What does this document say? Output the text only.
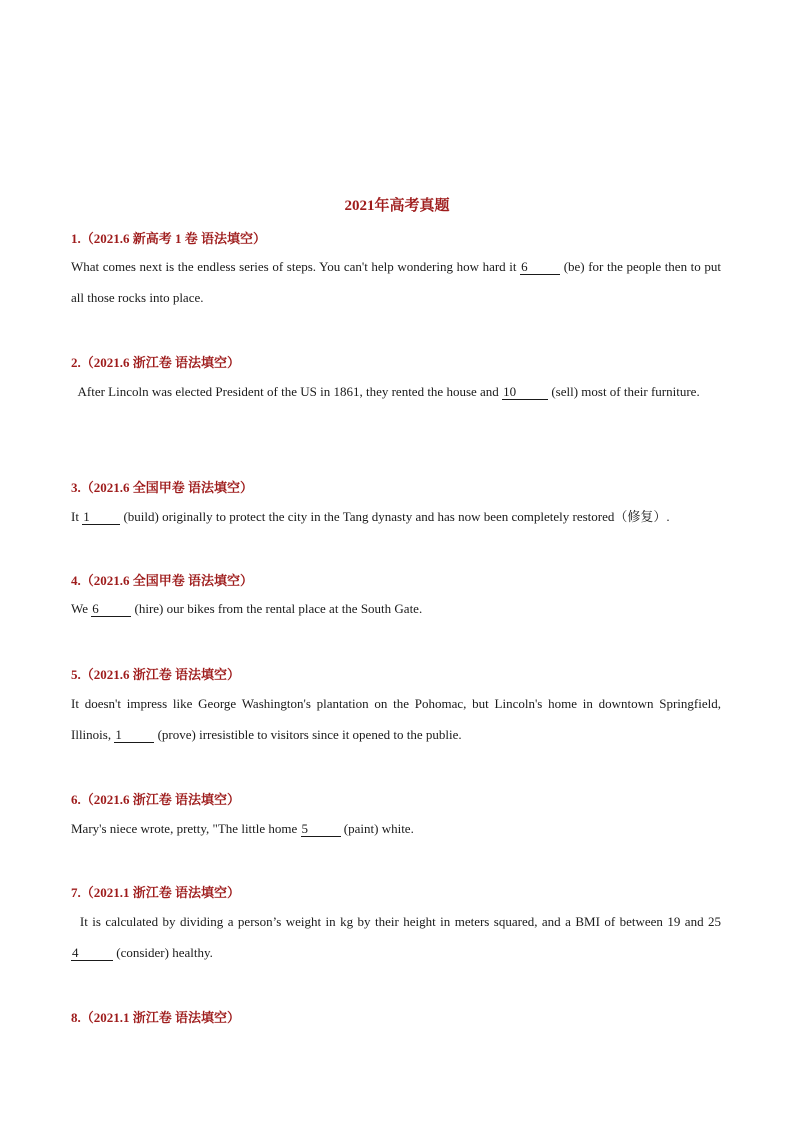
2021年高考真题
1.（2021.6 新高考 1 卷 语法填空）

What comes next is the endless series of steps. You can't help wondering how hard it 6	(be) for the people then to put all those rocks into place.

2.（2021.6 浙江卷 语法填空）

After Lincoln was elected President of the US in 1861, they rented the house and 10 (sell) most of their furniture.

3.（2021.6 全国甲卷 语法填空）

It 1 (build) originally to protect the city in the Tang dynasty and has now been completely restored（修复）.

4.（2021.6 全国甲卷 语法填空）

We 6	(hire) our bikes from the rental place at the South Gate.

5.（2021.6 浙江卷 语法填空）

It doesn't impress like George Washington's plantation on the Pohomac, but Lincoln's home in downtown Springfield, Illinois, 1	(prove) irresistible to visitors since it opened to the publie.

6.（2021.6 浙江卷 语法填空）

Mary's niece wrote, pretty, "The little home 5	(paint) white.

7.（2021.1 浙江卷 语法填空）

It is calculated by dividing a person’s weight in kg by their height in meters squared, and a BMI of between 19 and 25 4	(consider) healthy.

8.（2021.1 浙江卷 语法填空）
